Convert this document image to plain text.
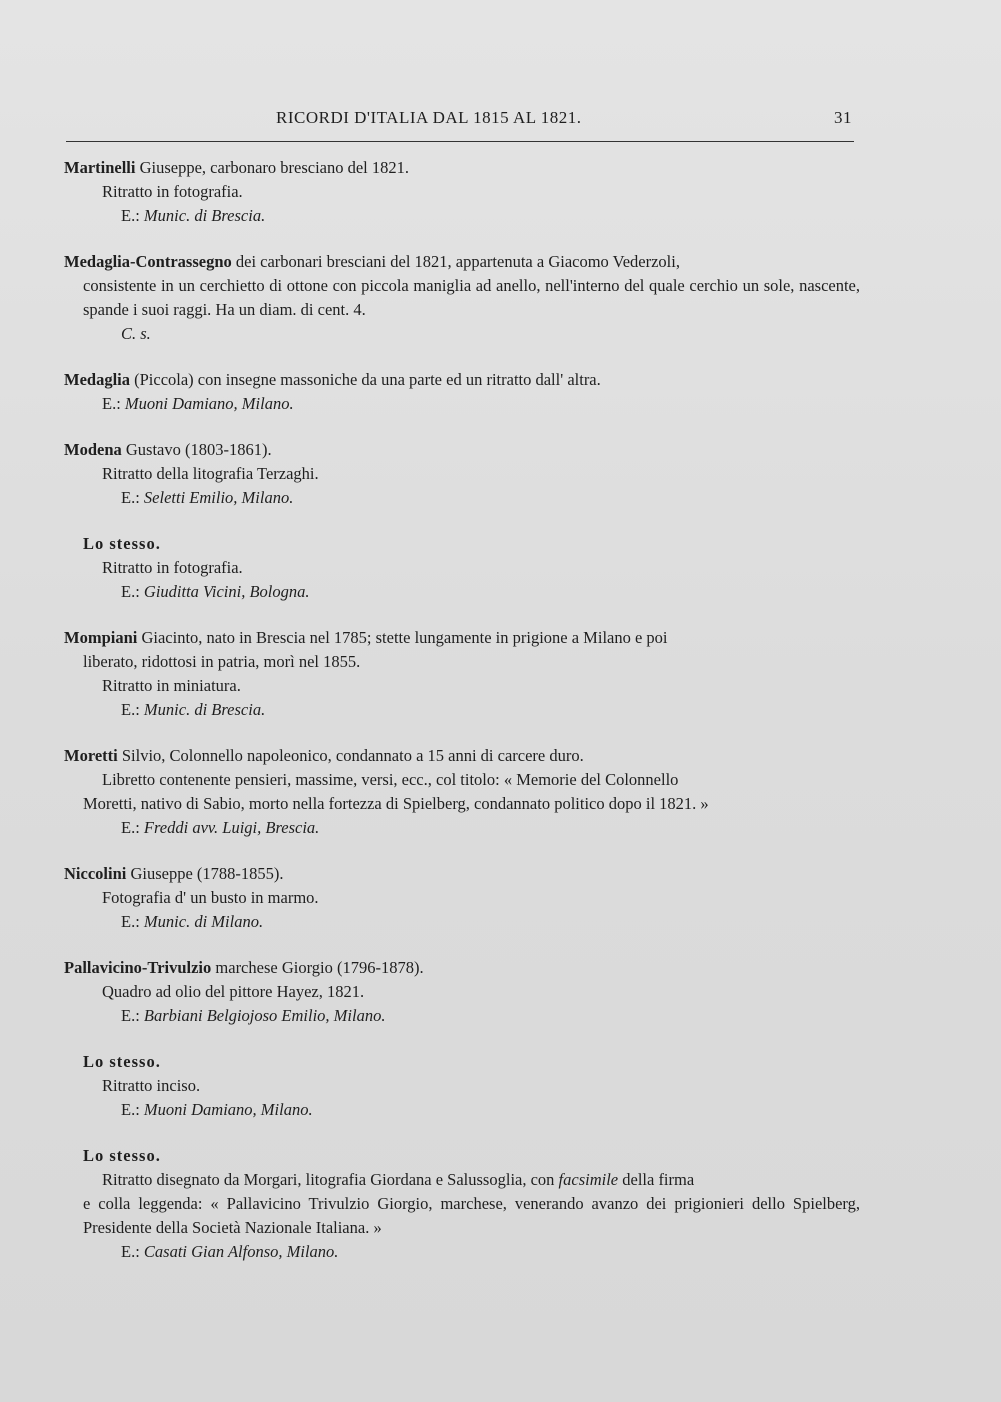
RICORDI D'ITALIA DAL 1815 AL 1821.	31
Martinelli Giuseppe, carbonaro bresciano del 1821.
Ritratto in fotografia.
E.: Munic. di Brescia.
Medaglia-Contrassegno dei carbonari bresciani del 1821, appartenuta a Giacomo Vederzoli,
consistente in un cerchietto di ottone con piccola maniglia ad anello, nell'interno del quale cerchio un sole, nascente, spande i suoi raggi. Ha un diam. di cent. 4.
C. s.
Medaglia (Piccola) con insegne massoniche da una parte ed un ritratto dall' altra.
E.: Muoni Damiano, Milano.
Modena Gustavo (1803-1861).
Ritratto della litografia Terzaghi.
E.: Seletti Emilio, Milano.
Lo stesso.
Ritratto in fotografia.
E.: Giuditta Vicini, Bologna.
Mompiani Giacinto, nato in Brescia nel 1785; stette lungamente in prigione a Milano e poi
liberato, ridottosi in patria, morì nel 1855.
Ritratto in miniatura.
E.: Munic. di Brescia.
Moretti Silvio, Colonnello napoleonico, condannato a 15 anni di carcere duro.
Libretto contenente pensieri, massime, versi, ecc., col titolo: « Memorie del Colonnello
Moretti, nativo di Sabio, morto nella fortezza di Spielberg, condannato politico dopo il 1821. »
E.: Freddi avv. Luigi, Brescia.
Niccolini Giuseppe (1788-1855).
Fotografia d' un busto in marmo.
E.: Munic. di Milano.
Pallavicino-Trivulzio marchese Giorgio (1796-1878).
Quadro ad olio del pittore Hayez, 1821.
E.: Barbiani Belgiojoso Emilio, Milano.
Lo stesso.
Ritratto inciso.
E.: Muoni Damiano, Milano.
Lo stesso.
Ritratto disegnato da Morgari, litografia Giordana e Salussoglia, con facsimile della firma
e colla leggenda: « Pallavicino Trivulzio Giorgio, marchese, venerando avanzo dei prigionieri dello Spielberg, Presidente della Società Nazionale Italiana. »
E.: Casati Gian Alfonso, Milano.
